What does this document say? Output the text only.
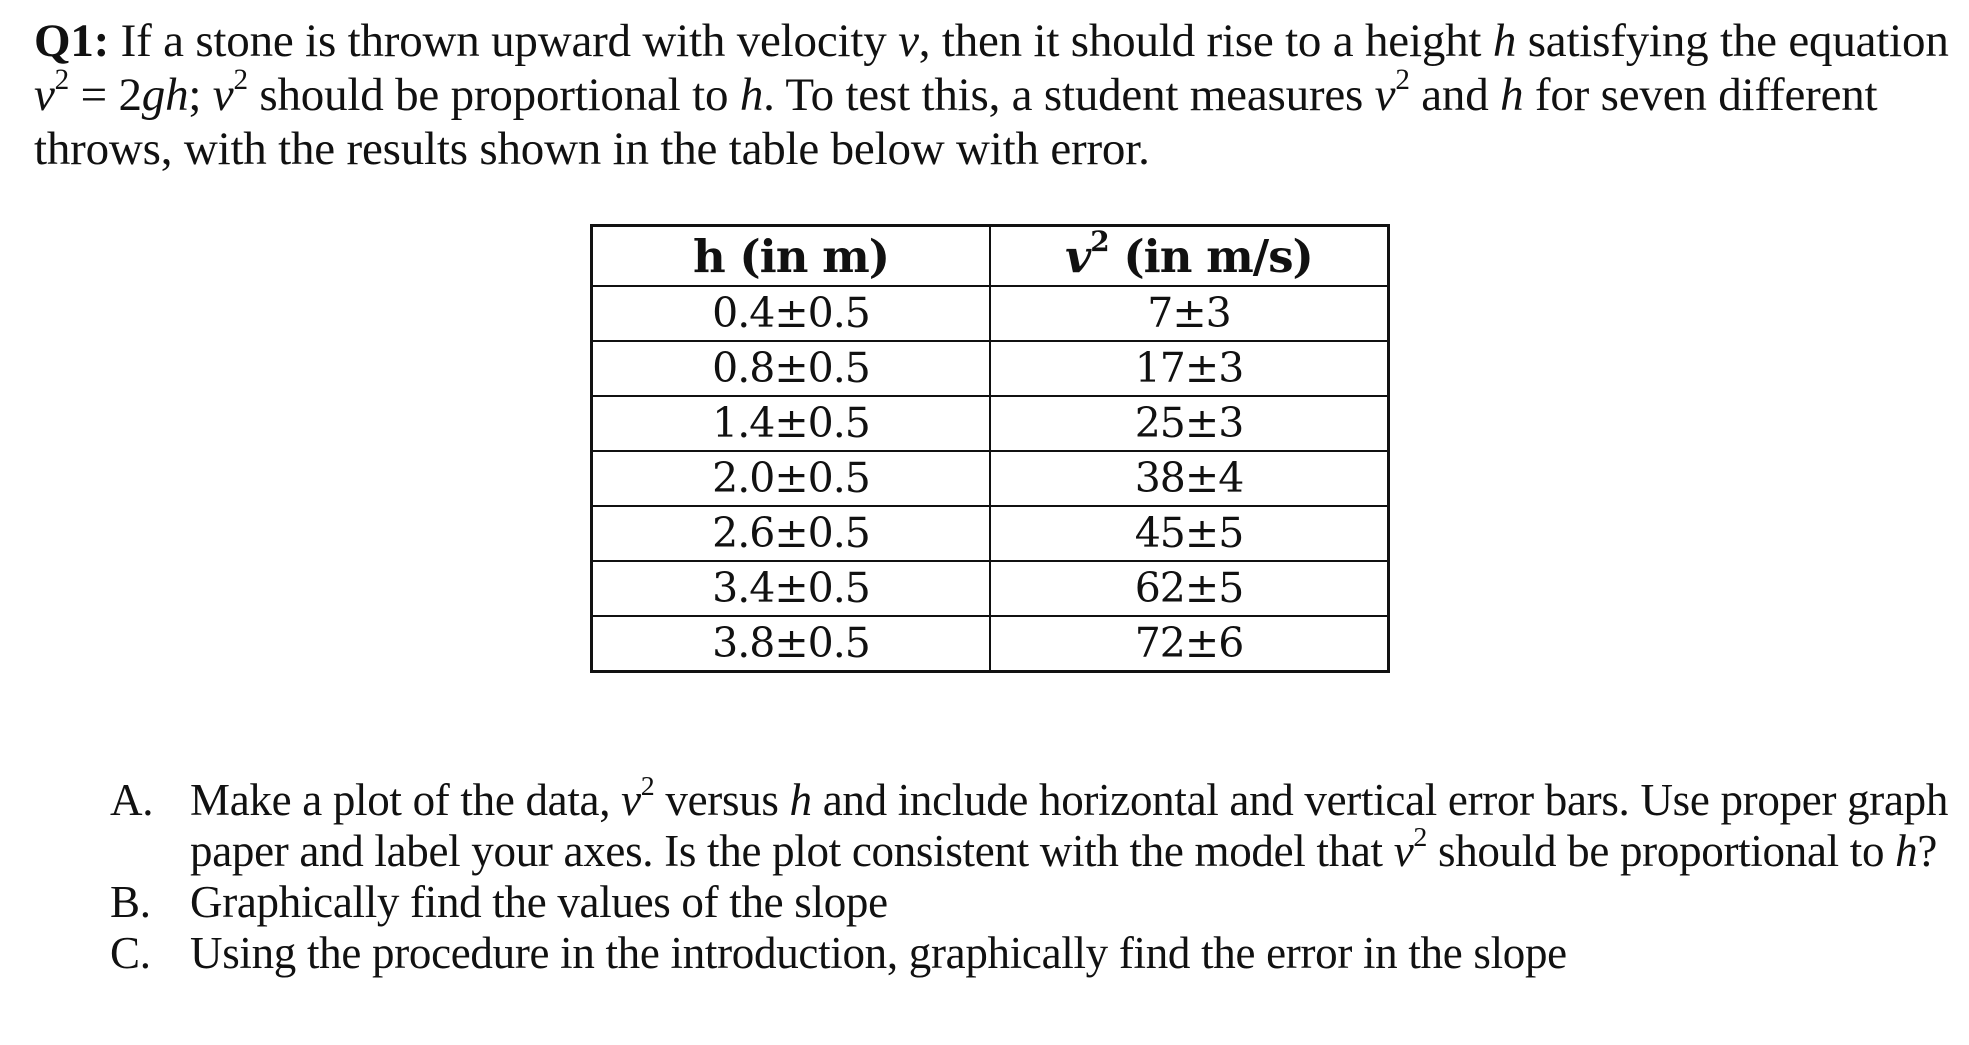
Q1: If a stone is thrown upward with velocity v, then it should rise to a height h satisfying the equation $v^2 = 2gh$; $v^2$ should be proportional to h. To test this, a student measures $v^2$ and h for seven different throws, with the results shown in the table below with error.
h (in m)	$v^2$ (in m/s)
0.4±0.5	7±3
0.8±0.5	17±3
1.4±0.5	25±3
2.0±0.5	38±4
2.6±0.5	45±5
3.4±0.5	62±5
3.8±0.5	72±6
A. Make a plot of the data, $v^2$ versus h and include horizontal and vertical error bars. Use proper graph paper and label your axes. Is the plot consistent with the model that $v^2$ should be proportional to h?
B. Graphically find the values of the slope
C. Using the procedure in the introduction, graphically find the error in the slope
